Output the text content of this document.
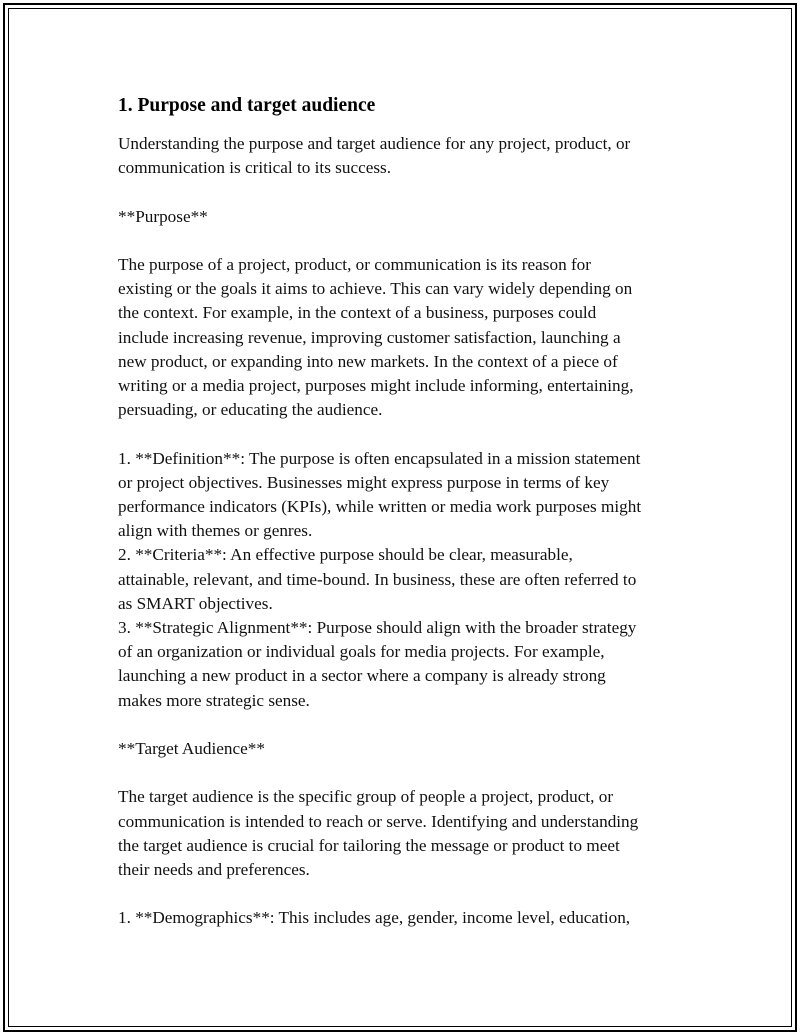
1. Purpose and target audience

Understanding the purpose and target audience for any project, product, or
communication is critical to its success.

**Purpose**

The purpose of a project, product, or communication is its reason for
existing or the goals it aims to achieve. This can vary widely depending on
the context. For example, in the context of a business, purposes could
include increasing revenue, improving customer satisfaction, launching a
new product, or expanding into new markets. In the context of a piece of
writing or a media project, purposes might include informing, entertaining,
persuading, or educating the audience.

1. **Definition**: The purpose is often encapsulated in a mission statement
or project objectives. Businesses might express purpose in terms of key
performance indicators (KPIs), while written or media work purposes might
align with themes or genres.

2. **Criteria**: An effective purpose should be clear, measurable,
attainable, relevant, and time-bound. In business, these are often referred to
as SMART objectives.

3. **Strategic Alignment**: Purpose should align with the broader strategy
of an organization or individual goals for media projects. For example,
launching a new product in a sector where a company is already strong
makes more strategic sense.

**Target Audience**

The target audience is the specific group of people a project, product, or
communication is intended to reach or serve. Identifying and understanding
the target audience is crucial for tailoring the message or product to meet
their needs and preferences.

1. **Demographics**: This includes age, gender, income level, education,
